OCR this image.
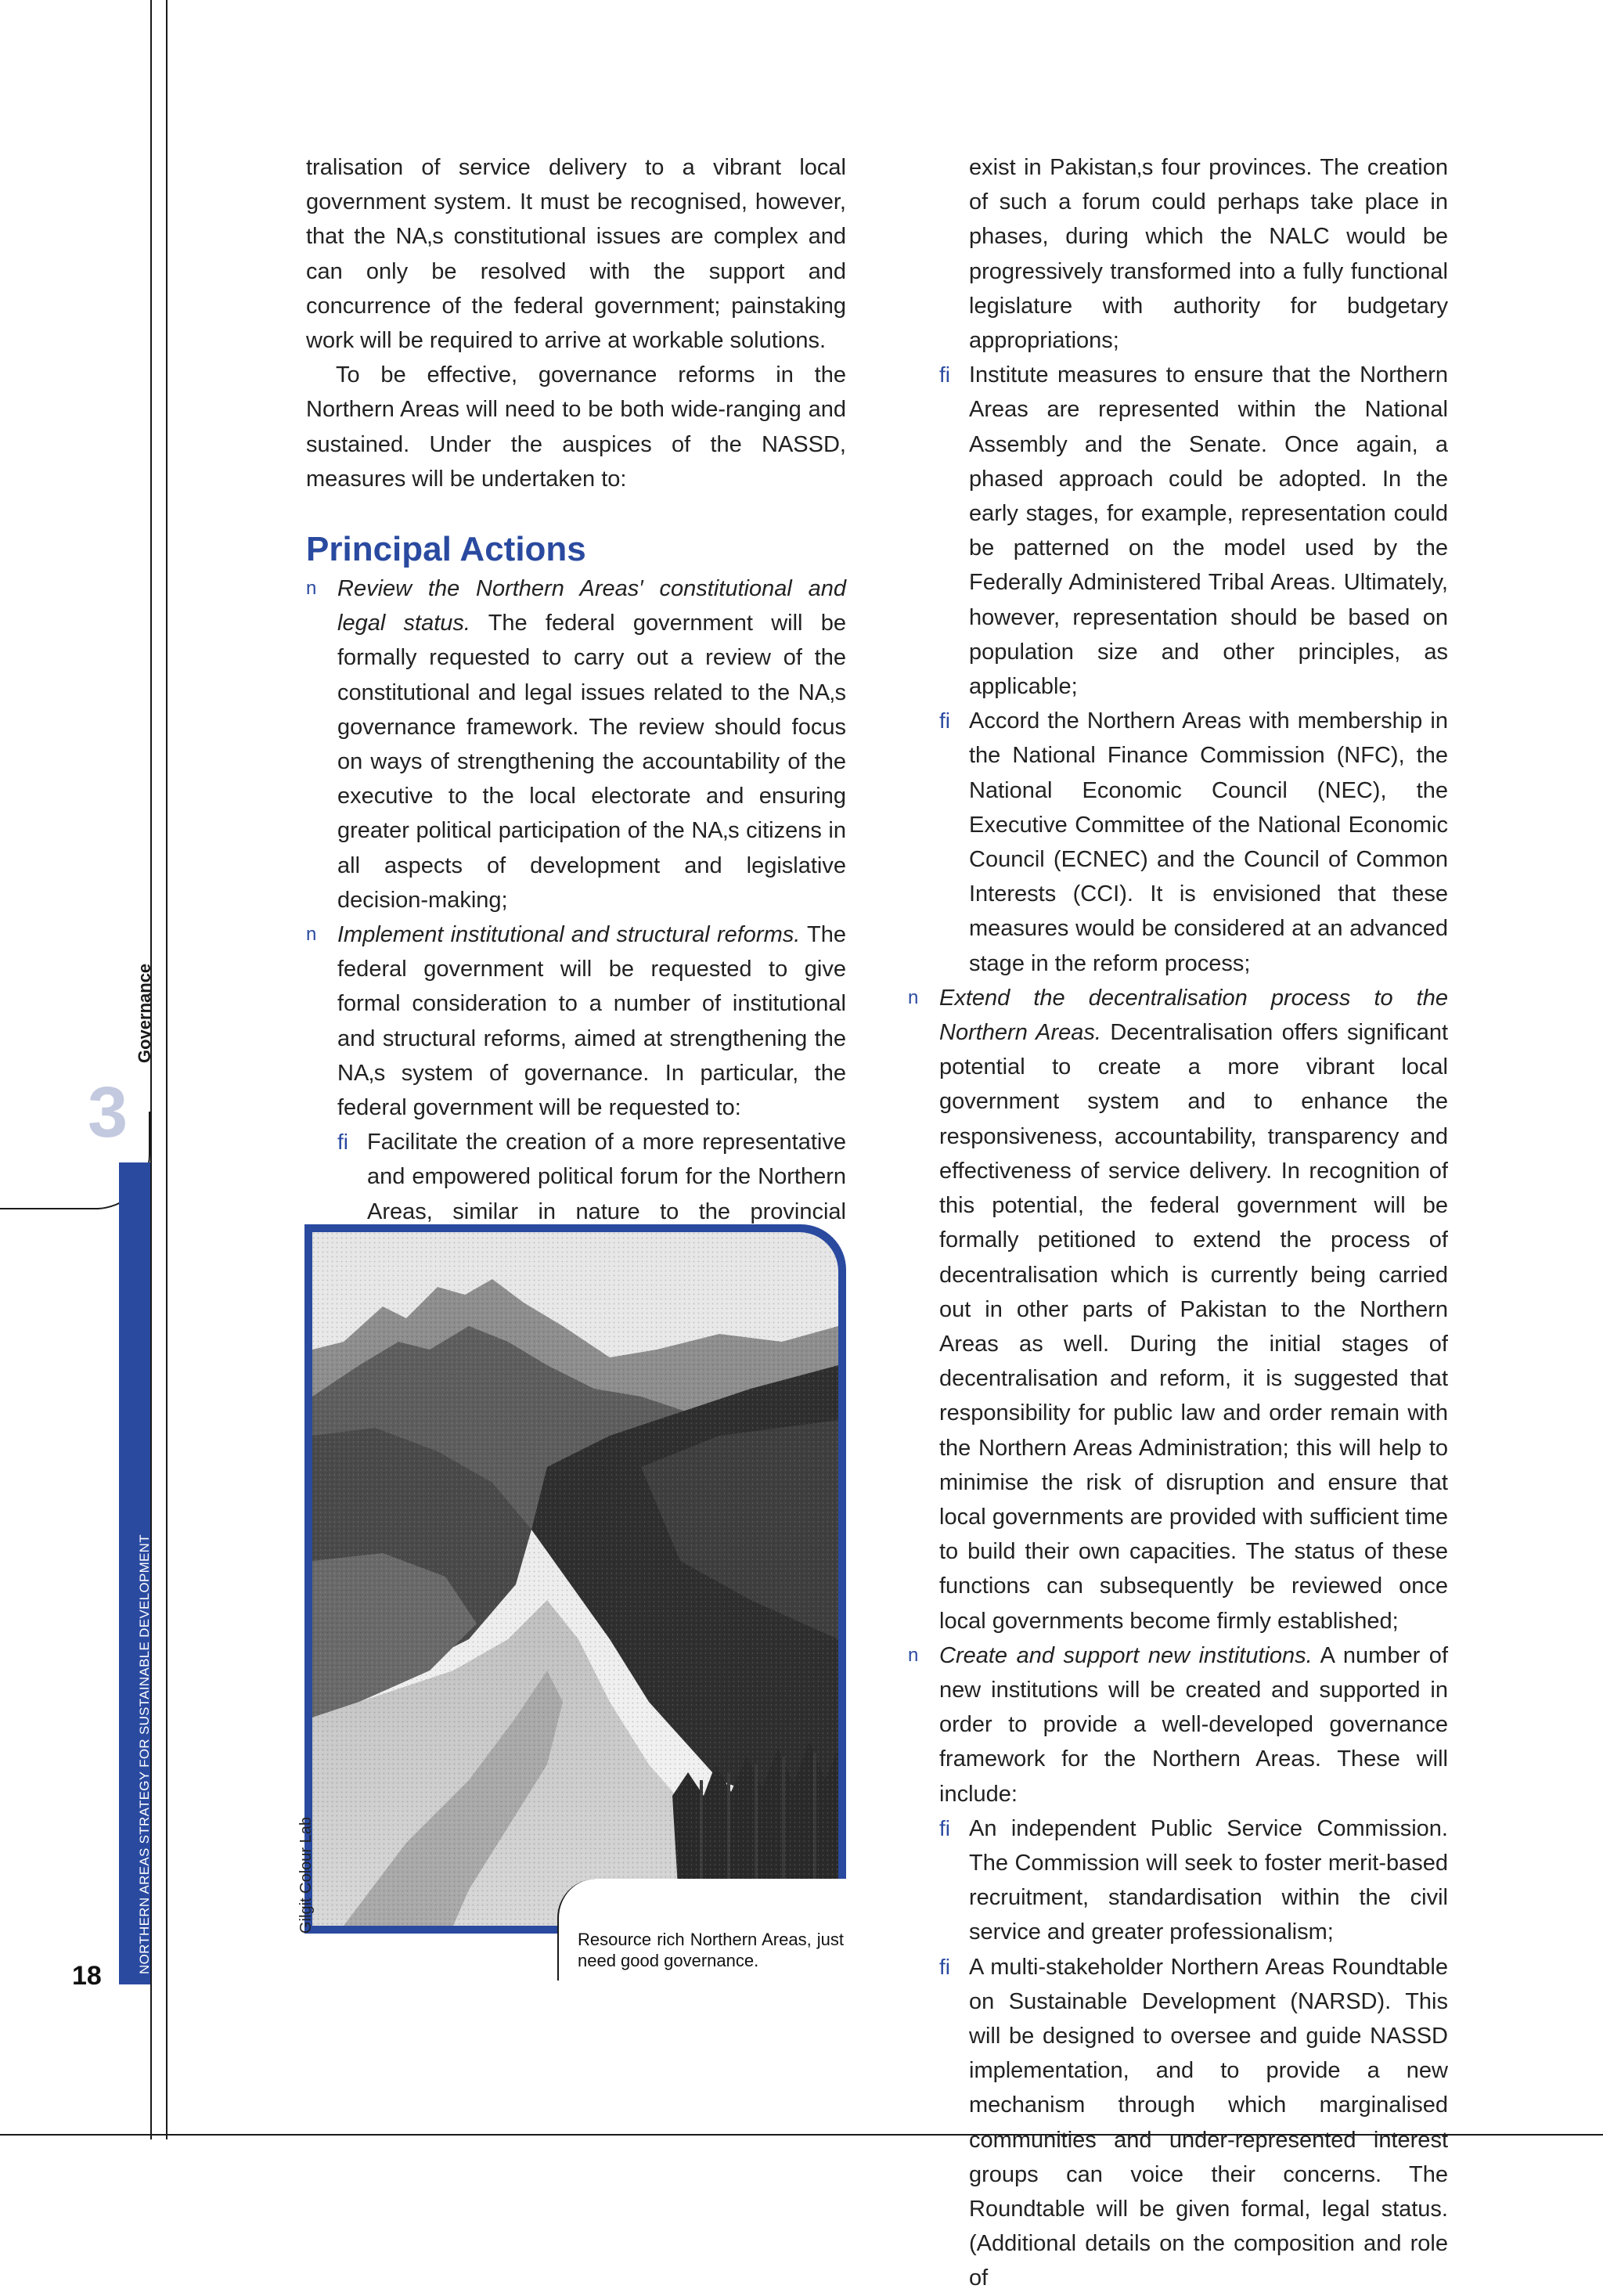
NORTHERN AREAS STRATEGY FOR SUSTAINABLE DEVELOPMENT
Governance
3
18

tralisation of service delivery to a vibrant local government system. It must be recognised, however, that the NA‚s constitutional issues are complex and can only be resolved with the support and concurrence of the federal government; painstaking work will be required to arrive at workable solutions.

To be effective, governance reforms in the Northern Areas will need to be both wide-ranging and sustained. Under the auspices of the NASSD, measures will be undertaken to:

Principal Actions
n Review the Northern Areas′ constitutional and legal status. The federal government will be formally requested to carry out a review of the constitutional and legal issues related to the NA‚s governance framework. The review should focus on ways of strengthening the accountability of the executive to the local electorate and ensuring greater political participation of the NA‚s citizens in all aspects of development and legislative decision-making;
n Implement institutional and structural reforms. The federal government will be requested to give formal consideration to a number of institutional and structural reforms, aimed at strengthening the NA‚s system of governance. In particular, the federal government will be requested to:
fi Facilitate the creation of a more representative and empowered political forum for the Northern Areas, similar in nature to the provincial
Resource rich Northern Areas, just need good governance.
Gilgit Colour Lab
exist in Pakistan‚s four provinces. The creation of such a forum could perhaps take place in phases, during which the NALC would be progressively transformed into a fully functional legislature with authority for budgetary appropriations;
fi Institute measures to ensure that the Northern Areas are represented within the National Assembly and the Senate. Once again, a phased approach could be adopted. In the early stages, for example, representation could be patterned on the model used by the Federally Administered Tribal Areas. Ultimately, however, representation should be based on population size and other principles, as applicable;
fi Accord the Northern Areas with membership in the National Finance Commission (NFC), the National Economic Council (NEC), the Executive Committee of the National Economic Council (ECNEC) and the Council of Common Interests (CCI). It is envisioned that these measures would be considered at an advanced stage in the reform process;
n Extend the decentralisation process to the Northern Areas. Decentralisation offers significant potential to create a more vibrant local government system and to enhance the responsiveness, accountability, transparency and effectiveness of service delivery. In recognition of this potential, the federal government will be formally petitioned to extend the process of decentralisation which is currently being carried out in other parts of Pakistan to the Northern Areas as well. During the initial stages of decentralisation and reform, it is suggested that responsibility for public law and order remain with the Northern Areas Administration; this will help to minimise the risk of disruption and ensure that local governments are provided with sufficient time to build their own capacities. The status of these functions can subsequently be reviewed once local governments become firmly established;
n Create and support new institutions. A number of new institutions will be created and supported in order to provide a well-developed governance framework for the Northern Areas. These will include:
fi An independent Public Service Commission. The Commission will seek to foster merit-based recruitment, standardisation within the civil service and greater professionalism;
fi A multi-stakeholder Northern Areas Roundtable on Sustainable Development (NARSD). This will be designed to oversee and guide NASSD implementation, and to provide a new mechanism through which marginalised communities and under-represented interest groups can voice their concerns. The Roundtable will be given formal, legal status. (Additional details on the composition and role of
